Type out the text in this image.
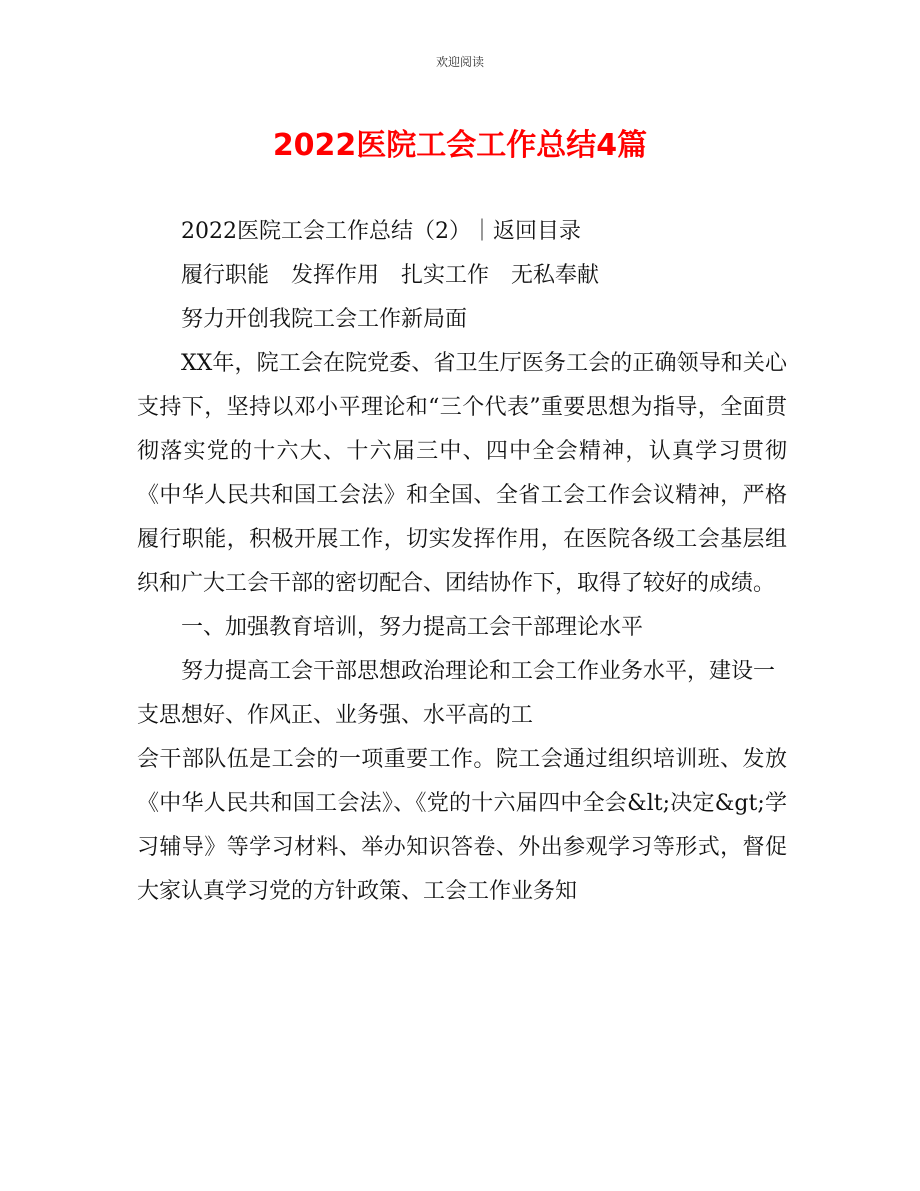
欢迎阅读
2022医院工会工作总结4篇

2022医院工会工作总结（2）｜返回目录

履行职能　发挥作用　扎实工作　无私奉献

努力开创我院工会工作新局面

XX年，院工会在院党委、省卫生厅医务工会的正确领导和关心支持下，坚持以邓小平理论和“三个代表”重要思想为指导，全面贯彻落实党的十六大、十六届三中、四中全会精神，认真学习贯彻《中华人民共和国工会法》和全国、全省工会工作会议精神，严格履行职能，积极开展工作，切实发挥作用，在医院各级工会基层组织和广大工会干部的密切配合、团结协作下，取得了较好的成绩。

一、加强教育培训，努力提高工会干部理论水平

努力提高工会干部思想政治理论和工会工作业务水平，建设一支思想好、作风正、业务强、水平高的工

会干部队伍是工会的一项重要工作。院工会通过组织培训班、发放《中华人民共和国工会法》、《党的十六届四中全会&lt;决定&gt;学习辅导》等学习材料、举办知识答卷、外出参观学习等形式，督促大家认真学习党的方针政策、工会工作业务知
